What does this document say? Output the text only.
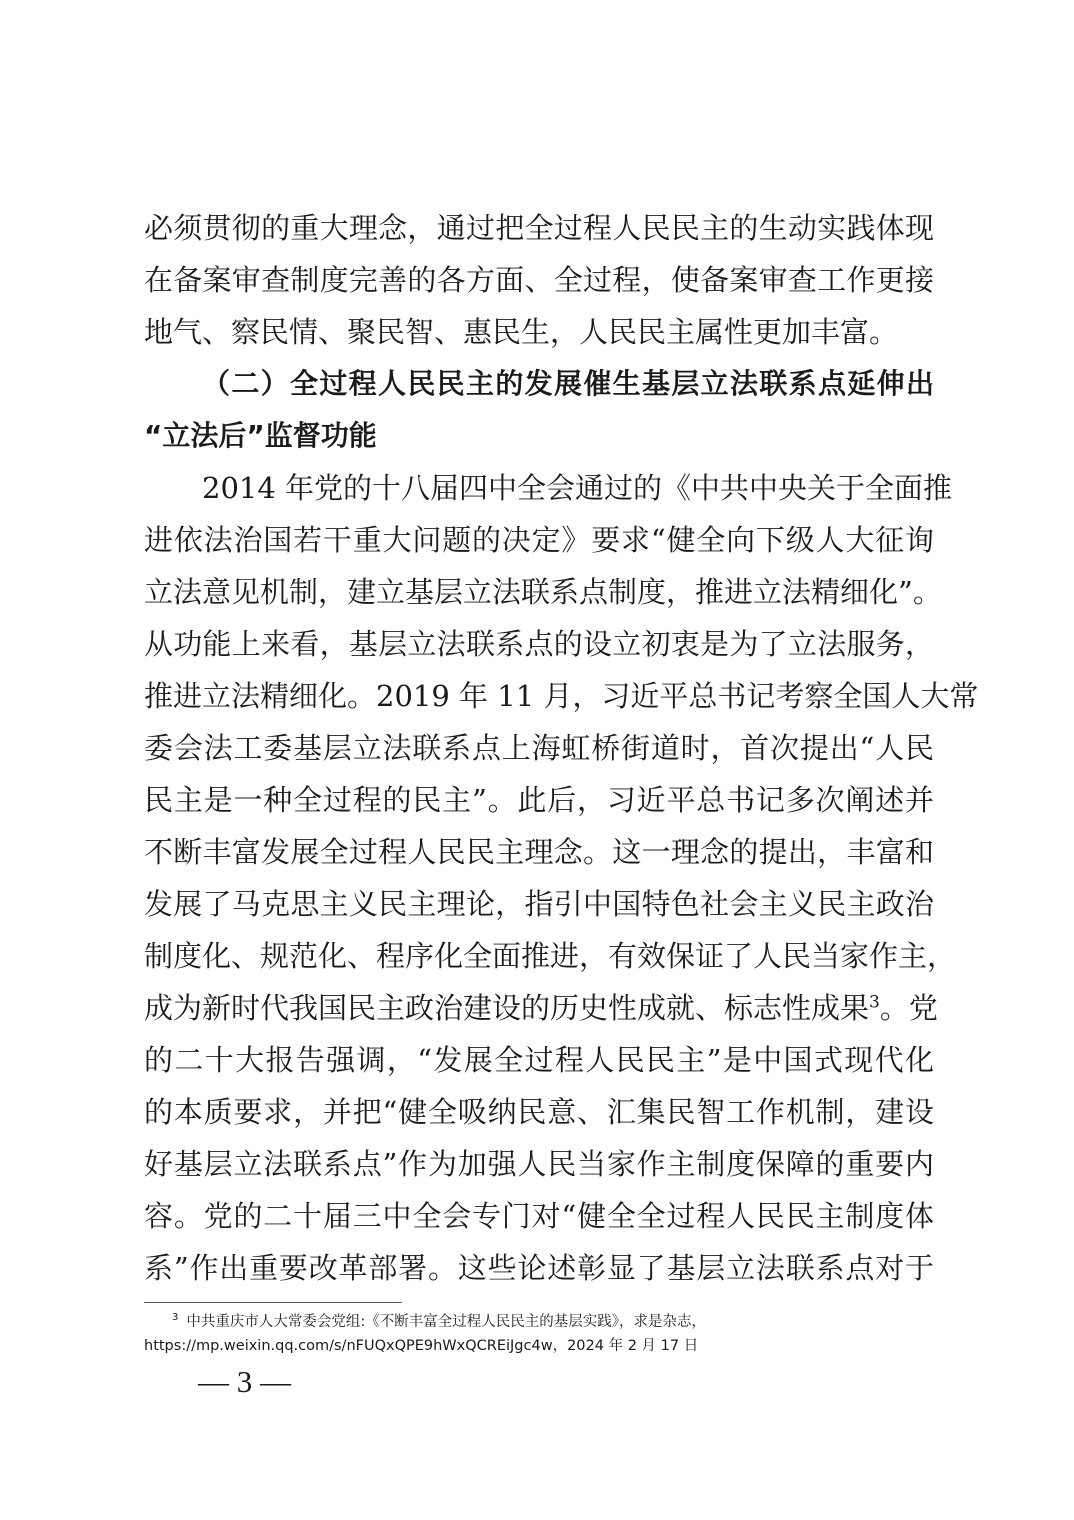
必须贯彻的重大理念，通过把全过程人民民主的生动实践体现
在备案审查制度完善的各方面、全过程，使备案审查工作更接
地气、察民情、聚民智、惠民生，人民民主属性更加丰富。
（二）全过程人民民主的发展催生基层立法联系点延伸出
“立法后”监督功能
2014 年党的十八届四中全会通过的《中共中央关于全面推
进依法治国若干重大问题的决定》要求“健全向下级人大征询
立法意见机制，建立基层立法联系点制度，推进立法精细化”。
从功能上来看，基层立法联系点的设立初衷是为了立法服务，
推进立法精细化。2019 年 11 月，习近平总书记考察全国人大常
委会法工委基层立法联系点上海虹桥街道时，首次提出“人民
民主是一种全过程的民主”。此后，习近平总书记多次阐述并
不断丰富发展全过程人民民主理念。这一理念的提出，丰富和
发展了马克思主义民主理论，指引中国特色社会主义民主政治
制度化、规范化、程序化全面推进，有效保证了人民当家作主，
成为新时代我国民主政治建设的历史性成就、标志性成果$^3$。党
的二十大报告强调，“发展全过程人民民主”是中国式现代化
的本质要求，并把“健全吸纳民意、汇集民智工作机制，建设
好基层立法联系点”作为加强人民当家作主制度保障的重要内
容。党的二十届三中全会专门对“健全全过程人民民主制度体
系”作出重要改革部署。这些论述彰显了基层立法联系点对于
$^3$ 中共重庆市人大常委会党组:《不断丰富全过程人民民主的基层实践》，求是杂志，
https://mp.weixin.qq.com/s/nFUQxQPE9hWxQCREiJgc4w，2024 年 2 月 17 日
— 3 —
